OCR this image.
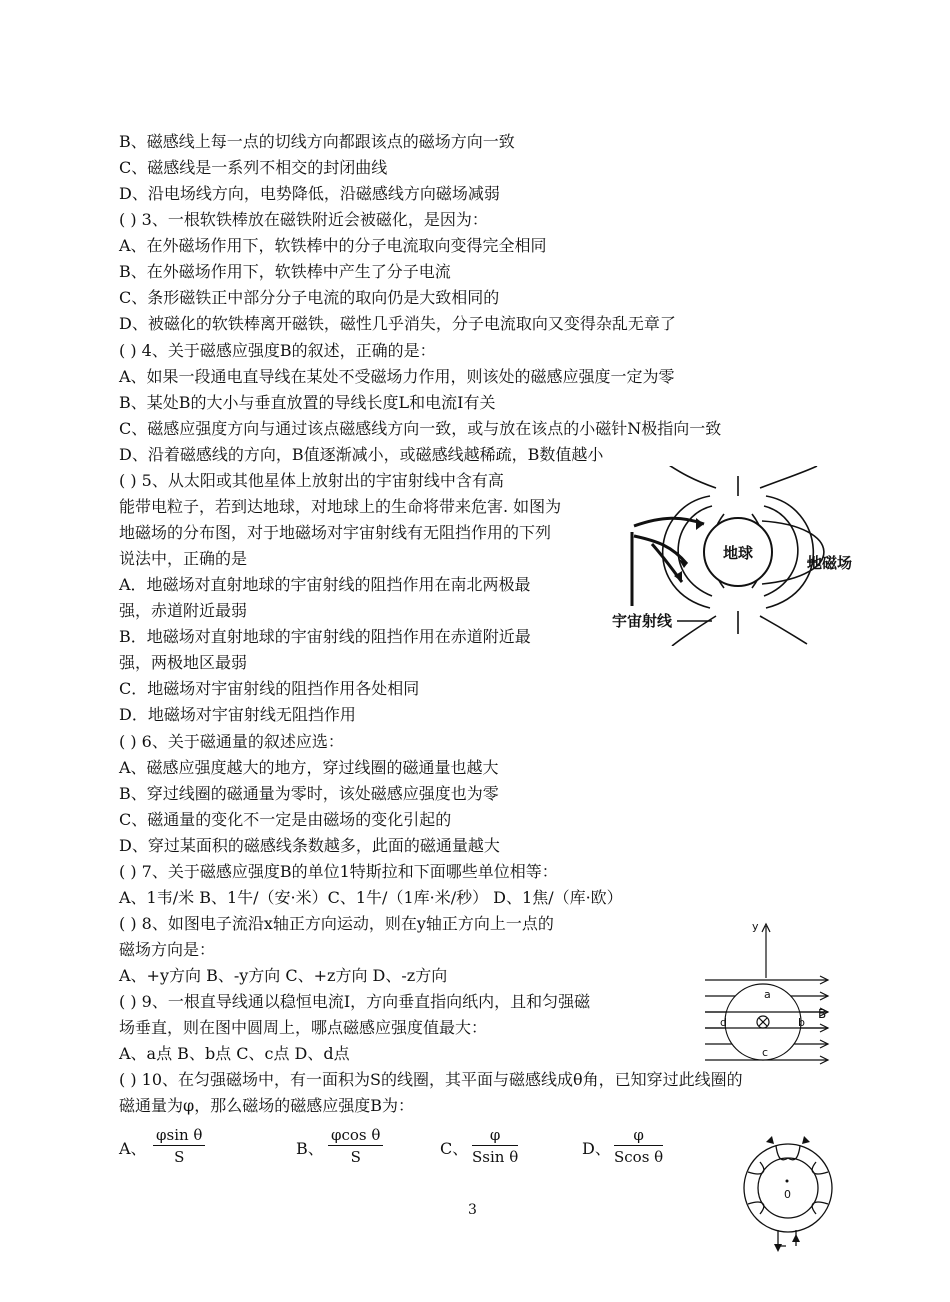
B、磁感线上每一点的切线方向都跟该点的磁场方向一致
C、磁感线是一系列不相交的封闭曲线
D、沿电场线方向，电势降低，沿磁感线方向磁场减弱
( ) 3、一根软铁棒放在磁铁附近会被磁化，是因为：
A、在外磁场作用下，软铁棒中的分子电流取向变得完全相同
B、在外磁场作用下，软铁棒中产生了分子电流
C、条形磁铁正中部分分子电流的取向仍是大致相同的
D、被磁化的软铁棒离开磁铁，磁性几乎消失，分子电流取向又变得杂乱无章了
( ) 4、关于磁感应强度B的叙述，正确的是：
A、如果一段通电直导线在某处不受磁场力作用，则该处的磁感应强度一定为零
B、某处B的大小与垂直放置的导线长度L和电流I有关
C、磁感应强度方向与通过该点磁感线方向一致，或与放在该点的小磁针N极指向一致
D、沿着磁感线的方向，B值逐渐减小，或磁感线越稀疏，B数值越小
( ) 5、从太阳或其他星体上放射出的宇宙射线中含有高
能带电粒子，若到达地球，对地球上的生命将带来危害. 如图为
地磁场的分布图，对于地磁场对宇宙射线有无阻挡作用的下列
说法中，正确的是
A．地磁场对直射地球的宇宙射线的阻挡作用在南北两极最
强，赤道附近最弱
B．地磁场对直射地球的宇宙射线的阻挡作用在赤道附近最
强，两极地区最弱
C．地磁场对宇宙射线的阻挡作用各处相同
D．地磁场对宇宙射线无阻挡作用
( ) 6、关于磁通量的叙述应选：
A、磁感应强度越大的地方，穿过线圈的磁通量也越大
B、穿过线圈的磁通量为零时，该处磁感应强度也为零
C、磁通量的变化不一定是由磁场的变化引起的
D、穿过某面积的磁感线条数越多，此面的磁通量越大
( ) 7、关于磁感应强度B的单位1特斯拉和下面哪些单位相等：
A、1韦/米 B、1牛/（安·米）C、1牛/（1库·米/秒） D、1焦/（库·欧）
( ) 8、如图电子流沿x轴正方向运动，则在y轴正方向上一点的
磁场方向是：
A、+y方向 B、-y方向 C、+z方向 D、-z方向
( ) 9、一根直导线通以稳恒电流I，方向垂直指向纸内，且和匀强磁
场垂直，则在图中圆周上，哪点磁感应强度值最大：
A、a点 B、b点 C、c点 D、d点
( ) 10、在匀强磁场中，有一面积为S的线圈，其平面与磁感线成θ角，已知穿过此线圈的
磁通量为φ，那么磁场的磁感应强度B为：
A、 $\frac{\text{φsin θ}}{S}$	B、 $\frac{\text{φcos θ}}{S}$	C、 $\frac{\varphi}{\text{Ssin θ}}$	D、 $\frac{\varphi}{\text{Scos θ}}$
地球
地磁场
宇宙射线
y
a
b
c
d
B
0
3
